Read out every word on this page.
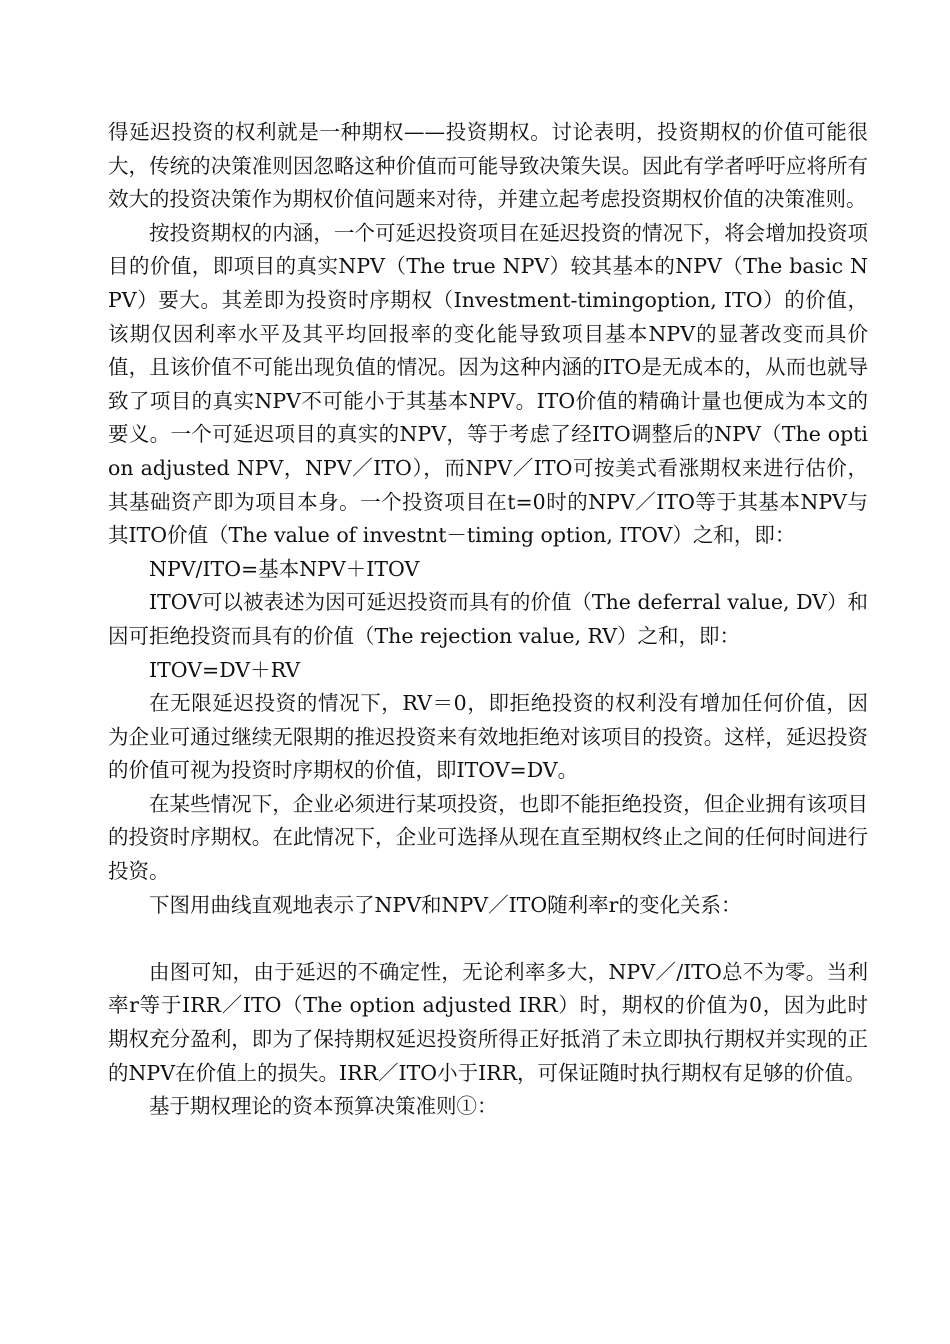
得延迟投资的权利就是一种期权——投资期权。讨论表明，投资期权的价值可能很大，传统的决策准则因忽略这种价值而可能导致决策失误。因此有学者呼吁应将所有效大的投资决策作为期权价值问题来对待，并建立起考虑投资期权价值的决策准则。

按投资期权的内涵，一个可延迟投资项目在延迟投资的情况下，将会增加投资项目的价值，即项目的真实NPV（The true NPV）较其基本的NPV（The basic NPV）要大。其差即为投资时序期权（Investment-timingoption, ITO）的价值，该期仅因利率水平及其平均回报率的变化能导致项目基本NPV的显著改变而具价值，且该价值不可能出现负值的情况。因为这种内涵的ITO是无成本的，从而也就导致了项目的真实NPV不可能小于其基本NPV。ITO价值的精确计量也便成为本文的要义。一个可延迟项目的真实的NPV，等于考虑了经ITO调整后的NPV（The option adjusted NPV，NPV／ITO），而NPV／ITO可按美式看涨期权来进行估价，其基础资产即为项目本身。一个投资项目在t=0时的NPV／ITO等于其基本NPV与其ITO价值（The value of investnt－timing option, ITOV）之和，即：

NPV/ITO=基本NPV＋ITOV

ITOV可以被表述为因可延迟投资而具有的价值（The deferral value, DV）和因可拒绝投资而具有的价值（The rejection value, RV）之和，即：

ITOV=DV＋RV

在无限延迟投资的情况下，RV＝0，即拒绝投资的权利没有增加任何价值，因为企业可通过继续无限期的推迟投资来有效地拒绝对该项目的投资。这样，延迟投资的价值可视为投资时序期权的价值，即ITOV=DV。

在某些情况下，企业必须进行某项投资，也即不能拒绝投资，但企业拥有该项目的投资时序期权。在此情况下，企业可选择从现在直至期权终止之间的任何时间进行投资。

下图用曲线直观地表示了NPV和NPV／ITO随利率r的变化关系：

由图可知，由于延迟的不确定性，无论利率多大，NPV／/ITO总不为零。当利率r等于IRR／ITO（The option adjusted IRR）时，期权的价值为0，因为此时期权充分盈利，即为了保持期权延迟投资所得正好抵消了未立即执行期权并实现的正的NPV在价值上的损失。IRR／ITO小于IRR，可保证随时执行期权有足够的价值。

基于期权理论的资本预算决策准则①：
